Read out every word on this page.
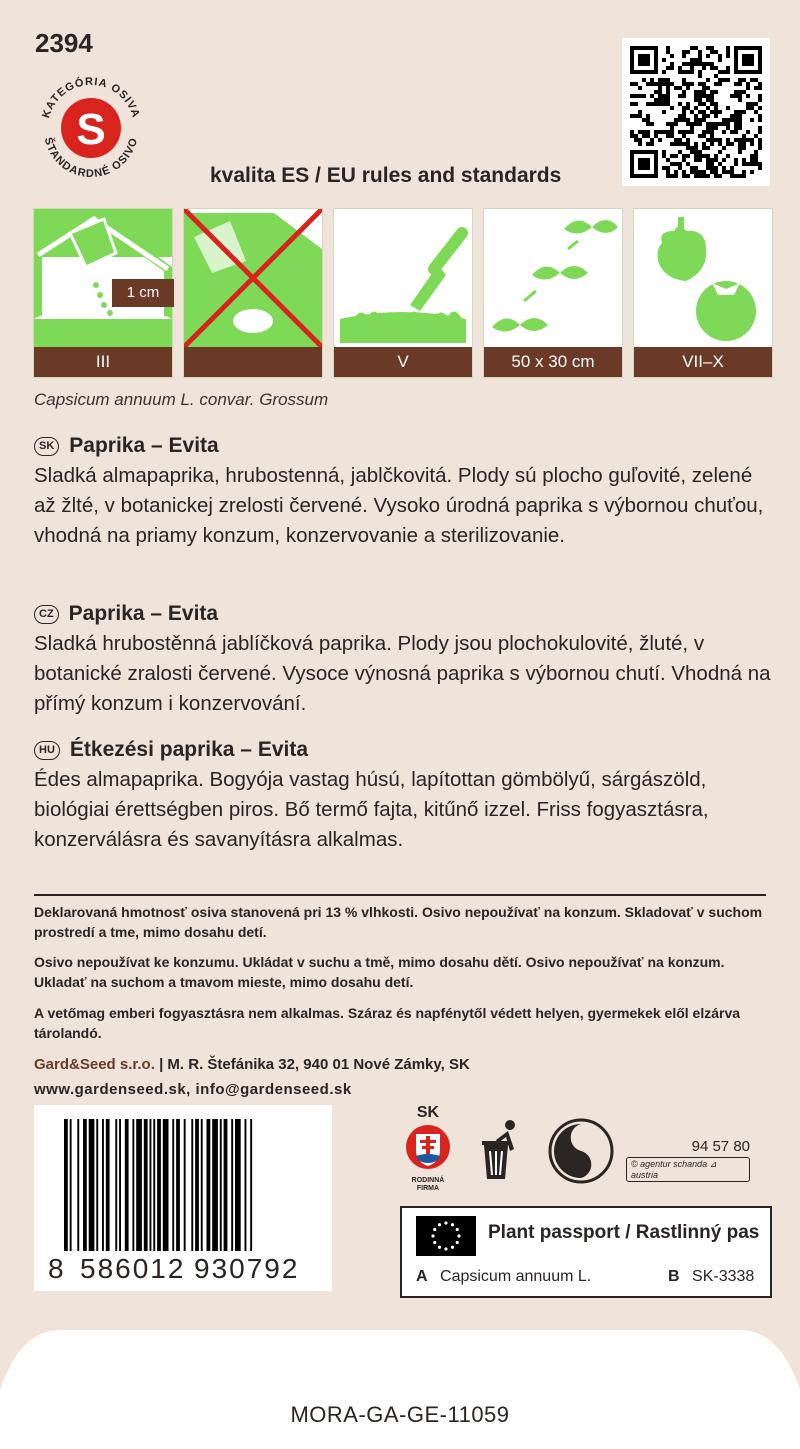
2394
KATEGÓRIA OSIVA
ŠTANDARDNÉ OSIVO
S
kvalita ES / EU rules and standards
1 cm
III	V	50 x 30 cm	VII–X
Capsicum annuum L. convar. Grossum
SK Paprika – Evita
Sladká almapaprika, hrubostenná, jablčkovitá. Plody sú plocho guľovité, zelené až žlté, v botanickej zrelosti červené. Vysoko úrodná paprika s výbornou chuťou, vhodná na priamy konzum, konzervovanie a sterilizovanie.
CZ Paprika – Evita
Sladká hrubostěnná jablíčková paprika. Plody jsou plochokulovité, žluté, v botanické zralosti červené. Vysoce výnosná paprika s výbornou chutí. Vhodná na přímý konzum i konzervování.
HU Étkezési paprika – Evita
Édes almapaprika. Bogyója vastag húsú, lapítottan gömbölyű, sárgászöld, biológiai érettségben piros. Bő termő fajta, kitűnő izzel. Friss fogyasztásra, konzerválásra és savanyításra alkalmas.
Deklarovaná hmotnosť osiva stanovená pri 13 % vlhkosti. Osivo nepoužívať na konzum. Skladovať v suchom prostredí a tme, mimo dosahu detí.
Osivo nepoužívat ke konzumu. Ukládat v suchu a tmě, mimo dosahu dětí. Osivo nepoužívať na konzum. Ukladať na suchom a tmavom mieste, mimo dosahu detí.
A vetőmag emberi fogyasztásra nem alkalmas. Száraz és napfénytől védett helyen, gyermekek elől elzárva tárolandó.
Gard&Seed s.r.o. | M. R. Štefánika 32, 940 01 Nové Zámky, SK
www.gardenseed.sk, info@gardenseed.sk
8 586012 930792
SK
RODINNÁ FIRMA
94 57 80
© agentur schanda ⊿ austria
Plant passport / Rastlinný pas
A Capsicum annuum L.	B SK-3338
MORA-GA-GE-11059
